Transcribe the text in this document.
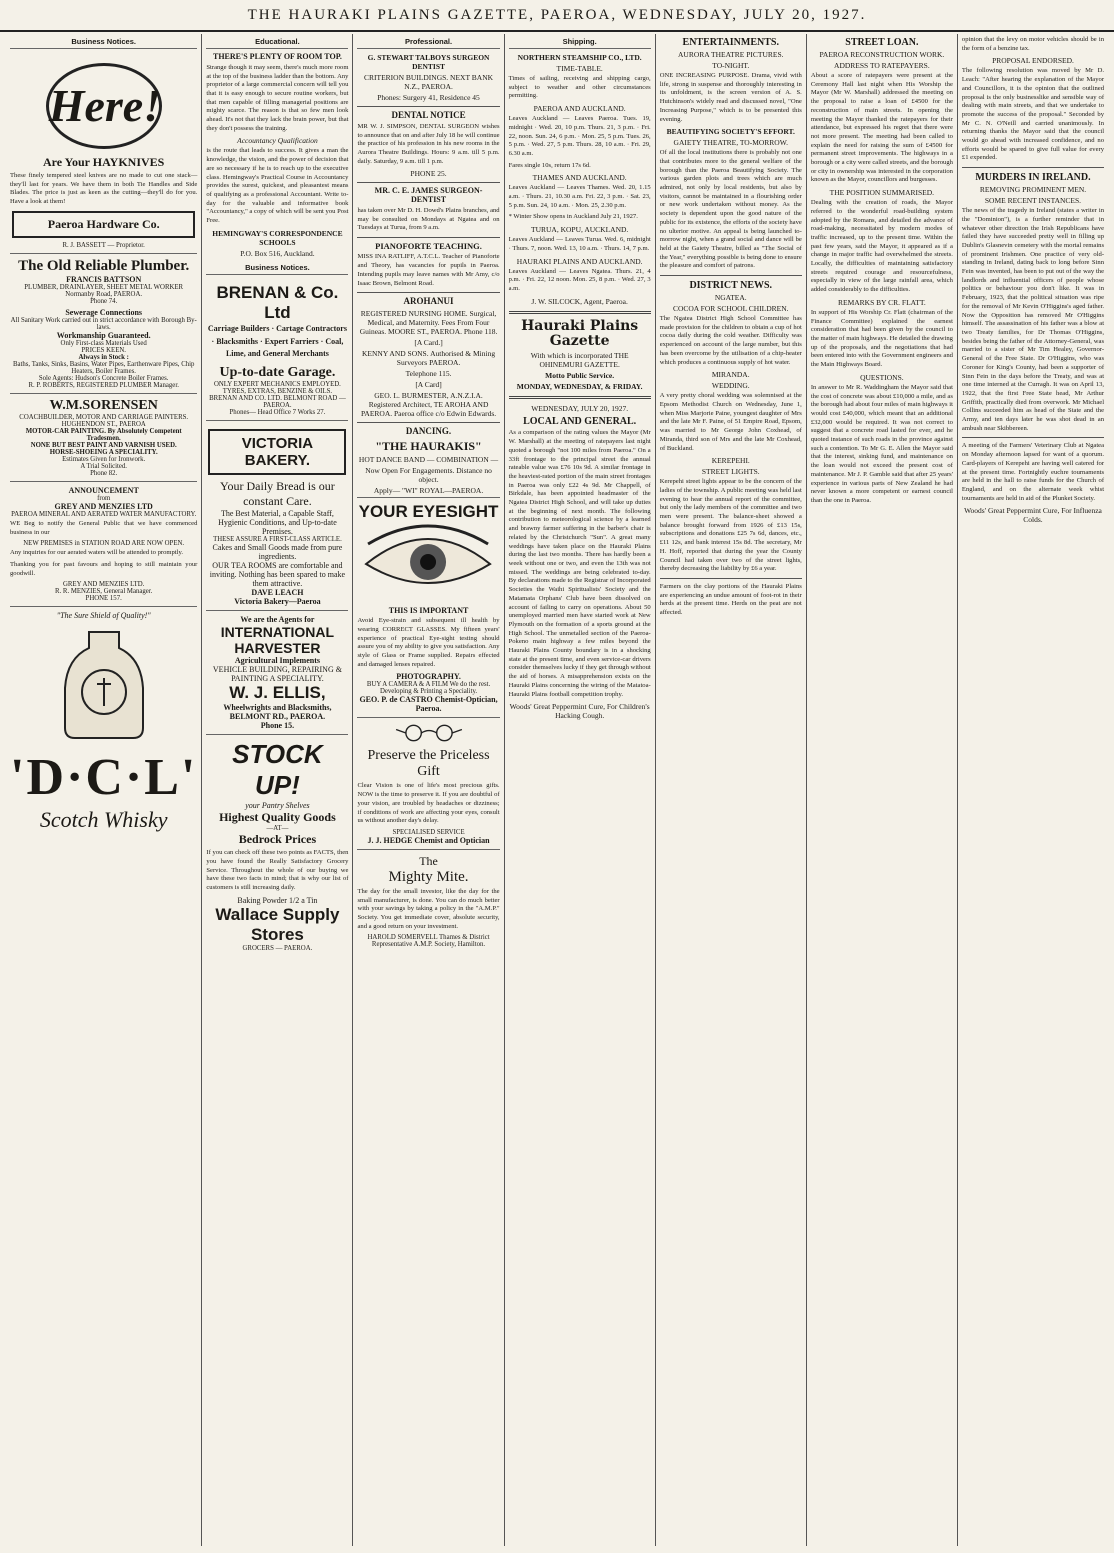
THE HAURAKI PLAINS GAZETTE, PAEROA, WEDNESDAY, JULY 20, 1927.
Business Notices.
Here!
Are Your HAYKNIVES
These finely tempered steel knives are no made to cut one stack—they'll last for years. We have them in both Tie Handles and Side Blades. The price is just as keen as the cutting—they'll do for you. Have a look at them!
Paeroa Hardware Co.
R. J. BASSETT — Proprietor.
The Old Reliable Plumber.
FRANCIS BATTSON
PLUMBER, DRAINLAYER, SHEET METAL WORKER
Normanby Road, PAEROA.
Phone 74.
Sewerage Connections
All Sanitary Work carried out in strict accordance with Borough By-laws.
Workmanship Guaranteed.
Only First-class Materials Used
PRICES KEEN.
Always in Stock :
Baths, Tanks, Sinks, Basins, Water Pipes, Earthenware Pipes, Chip Heaters, Boiler Frames.
Sole Agents: Hudson's Concrete Boiler Frames.
R. P. ROBERTS, REGISTERED PLUMBER Manager.
W.M.SORENSEN
COACHBUILDER, MOTOR AND CARRIAGE PAINTERS.
HUGHENDON ST., PAEROA
MOTOR-CAR PAINTING. By Absolutely Competent Tradesmen.
NONE BUT BEST PAINT AND VARNISH USED.
HORSE-SHOEING A SPECIALITY.
Estimates Given for Ironwork.
A Trial Solicited.
Phone 82.
ANNOUNCEMENT
from
GREY AND MENZIES LTD
PAEROA MINERAL AND AERATED WATER MANUFACTORY.
WE Beg to notify the General Public that we have commenced business in our
NEW PREMISES in STATION ROAD ARE NOW OPEN.
Any inquiries for our aerated waters will be attended to promptly.
Thanking you for past favours and hoping to still maintain your goodwill.
GREY AND MENZIES LTD.
R. R. MENZIES, General Manager.
PHONE 157.
"The Sure Shield of Quality!"
'D·C·L'
Scotch Whisky
Educational.
THERE'S PLENTY OF ROOM TOP.
Strange though it may seem, there's much more room at the top of the business ladder than the bottom. Any proprietor of a large commercial concern will tell you that it is easy enough to secure routine workers, but that men capable of filling managerial positions are mighty scarce. The reason is that so few men look ahead. It's not that they lack the brain power, but that they don't possess the training.
Accountancy Qualification
is the route that leads to success. It gives a man the knowledge, the vision, and the power of decision that are so necessary if he is to reach up to the executive class. Hemingway's Practical Course in Accountancy provides the surest, quickest, and pleasantest means of qualifying as a professional Accountant. Write to-day for the valuable and informative book "Accountancy," a copy of which will be sent you Post Free.
HEMINGWAY'S CORRESPONDENCE SCHOOLS
P.O. Box 516, Auckland.
Business Notices.
BRENAN & Co. Ltd
Carriage Builders · Cartage Contractors · Blacksmiths · Expert Farriers · Coal, Lime, and General Merchants
Up-to-date Garage.
ONLY EXPERT MECHANICS EMPLOYED.
TYRES, EXTRAS, BENZINE & OILS.
BRENAN AND CO. LTD. BELMONT ROAD — PAEROA.
Phones— Head Office 7 Works 27.
VICTORIA BAKERY.
Your Daily Bread is our constant Care.
The Best Material, a Capable Staff, Hygienic Conditions, and Up-to-date Premises.
THESE ASSURE A FIRST-CLASS ARTICLE.
Cakes and Small Goods made from pure ingredients.
OUR TEA ROOMS are comfortable and inviting. Nothing has been spared to make them attractive.
DAVE LEACH
Victoria Bakery—Paeroa
We are the Agents for
INTERNATIONAL HARVESTER
Agricultural Implements
VEHICLE BUILDING, REPAIRING & PAINTING A SPECIALITY.
W. J. ELLIS,
Wheelwrights and Blacksmiths,
BELMONT RD., PAEROA.
Phone 15.
STOCK UP!
your Pantry Shelves
Highest Quality Goods
—AT—
Bedrock Prices
If you can check off these two points as FACTS, then you have found the Really Satisfactory Grocery Service. Throughout the whole of our buying we have these two facts in mind; that is why our list of customers is still increasing daily.
Baking Powder 1/2 a Tin
Wallace Supply Stores
GROCERS — PAEROA.
Professional.
G. STEWART TALBOYS SURGEON DENTIST
CRITERION BUILDINGS. NEXT BANK N.Z., PAEROA.
Phones: Surgery 41, Residence 45
DENTAL NOTICE
MR W. J. SIMPSON, DENTAL SURGEON wishes to announce that on and after July 18 he will continue the practice of his profession in his new rooms in the Aurora Theatre Buildings. Hours: 9 a.m. till 5 p.m. daily. Saturday, 9 a.m. till 1 p.m.
PHONE 25.
MR. C. E. JAMES SURGEON-DENTIST
has taken over Mr D. H. Dowd's Plains branches, and may be consulted on Mondays at Ngatea and on Tuesdays at Turua, from 9 a.m.
PIANOFORTE TEACHING.
MISS INA RATLIFF, A.T.C.L. Teacher of Pianoforte and Theory, has vacancies for pupils in Paeroa. Intending pupils may leave names with Mr Amy, c/o Isaac Brown, Belmont Road.
AROHANUI
REGISTERED NURSING HOME. Surgical, Medical, and Maternity. Fees From Four Guineas. MOORE ST., PAEROA. Phone 118.
[A Card.]
KENNY AND SONS. Authorised & Mining Surveyors PAEROA.
Telephone 115.
[A Card]
GEO. L. BURMESTER, A.N.Z.I.A. Registered Architect, TE AROHA AND PAEROA. Paeroa office c/o Edwin Edwards.
DANCING.
"THE HAURAKIS"
HOT DANCE BAND — COMBINATION —
Now Open For Engagements. Distance no object.
Apply— "WI" ROYAL—PAEROA.
YOUR EYESIGHT
THIS IS IMPORTANT
Avoid Eye-strain and subsequent ill health by wearing CORRECT GLASSES. My fifteen years' experience of practical Eye-sight testing should assure you of my ability to give you satisfaction. Any style of Glass or Frame supplied. Repairs effected and damaged lenses repaired.
PHOTOGRAPHY.
BUY A CAMERA & A FILM We do the rest. Developing & Printing a Speciality.
GEO. P. de CASTRO Chemist-Optician, Paeroa.
Preserve the Priceless Gift
Clear Vision is one of life's most precious gifts. NOW is the time to preserve it. If you are doubtful of your vision, are troubled by headaches or dizziness; if conditions of work are affecting your eyes, consult us without another day's delay.
SPECIALISED SERVICE
J. J. HEDGE Chemist and Optician
The
Mighty Mite.
The day for the small investor, like the day for the small manufacturer, is done. You can do much better with your savings by taking a policy in the "A.M.P." Society. You get immediate cover, absolute security, and a good return on your investment.
HAROLD SOMERVELL Thames & District Representative A.M.P. Society, Hamilton.
Shipping.
NORTHERN STEAMSHIP CO., LTD.
TIME-TABLE.
Times of sailing, receiving and shipping cargo, subject to weather and other circumstances permitting.
PAEROA AND AUCKLAND.
Leaves Auckland — Leaves Paeroa. Tues. 19, midnight · Wed. 20, 10 p.m. Thurs. 21, 3 p.m. · Fri. 22, noon. Sun. 24, 6 p.m. · Mon. 25, 5 p.m. Tues. 26, 5 p.m. · Wed. 27, 5 p.m. Thurs. 28, 10 a.m. · Fri. 29, 6.30 a.m.
Fares single 10s, return 17s 6d.
THAMES AND AUCKLAND.
Leaves Auckland — Leaves Thames. Wed. 20, 1.15 a.m. · Thurs. 21, 10.30 a.m. Fri. 22, 3 p.m. · Sat. 23, 5 p.m. Sun. 24, 10 a.m. · Mon. 25, 2.30 p.m.
* Winter Show opens in Auckland July 21, 1927.
TURUA, KOPU, AUCKLAND.
Leaves Auckland — Leaves Turua. Wed. 6, midnight · Thurs. 7, noon. Wed. 13, 10 a.m. · Thurs. 14, 7 p.m.
HAURAKI PLAINS AND AUCKLAND.
Leaves Auckland — Leaves Ngatea. Thurs. 21, 4 p.m. · Fri. 22, 12 noon. Mon. 25, 8 p.m. · Wed. 27, 3 a.m.
J. W. SILCOCK, Agent, Paeroa.
Hauraki Plains Gazette
With which is incorporated THE OHINEMURI GAZETTE.
Motto Public Service.
MONDAY, WEDNESDAY, & FRIDAY.
WEDNESDAY, JULY 20, 1927.
LOCAL AND GENERAL.
As a comparison of the rating values the Mayor (Mr W. Marshall) at the meeting of ratepayers last night quoted a borough "not 100 miles from Paeroa." On a 33ft frontage to the principal street the annual rateable value was £76 10s 9d. A similar frontage in the heaviest-rated portion of the main street frontages in Paeroa was only £22 4s 9d. Mr Chappell, of Birkdale, has been appointed headmaster of the Ngatea District High School, and will take up duties at the beginning of next month. The following contribution to meteorological science by a learned and brawny farmer suffering in the barber's chair is related by the Christchurch "Sun". A great many weddings have taken place on the Hauraki Plains during the last two months. There has hardly been a week without one or two, and even the 13th was not missed. The weddings are being celebrated to-day. By declarations made to the Registrar of Incorporated Societies the Waihi Spiritualists' Society and the Matamata Orphans' Club have been dissolved on account of failing to carry on operations. About 50 unemployed married men have started work at New Plymouth on the formation of a sports ground at the High School. The unmetalled section of the Paeroa-Pokeno main highway a few miles beyond the Hauraki Plains County boundary is in a shocking state at the present time, and even service-car drivers consider themselves lucky if they get through without the aid of horses. A misapprehension exists on the Hauraki Plains concerning the wiring of the Matatoa-Hauraki Plains football competition trophy.
Woods' Great Peppermint Cure, For Children's Hacking Cough.
ENTERTAINMENTS.
AURORA THEATRE PICTURES.
TO-NIGHT.
ONE INCREASING PURPOSE. Drama, vivid with life, strong in suspense and thoroughly interesting in its unfoldment, is the screen version of A. S. Hutchinson's widely read and discussed novel, "One Increasing Purpose," which is to be presented this evening.
BEAUTIFYING SOCIETY'S EFFORT.
GAIETY THEATRE, TO-MORROW.
Of all the local institutions there is probably not one that contributes more to the general welfare of the borough than the Paeroa Beautifying Society. The various garden plots and trees which are much admired, not only by local residents, but also by visitors, cannot be maintained in a flourishing order or new work undertaken without money. As the society is dependent upon the good nature of the public for its existence, the efforts of the society have no ulterior motive. An appeal is being launched to-morrow night, when a grand social and dance will be held at the Gaiety Theatre, billed as "The Social of the Year," everything possible is being done to ensure the pleasure and comfort of patrons.
DISTRICT NEWS.
NGATEA.
COCOA FOR SCHOOL CHILDREN.
The Ngatea District High School Committee has made provision for the children to obtain a cup of hot cocoa daily during the cold weather. Difficulty was experienced on account of the large number, but this has been overcome by the utilisation of a chip-heater which produces a continuous supply of hot water.
MIRANDA.
WEDDING.
A very pretty choral wedding was solemnised at the Epsom Methodist Church on Wednesday, June 1, when Miss Marjorie Paine, youngest daughter of Mrs and the late Mr F. Paine, of 51 Empire Road, Epsom, was married to Mr George John Coxhead, of Miranda, third son of Mrs and the late Mr Coxhead, of Buckland.
KEREPEHI.
STREET LIGHTS.
Kerepehi street lights appear to be the concern of the ladies of the township. A public meeting was held last evening to hear the annual report of the committee, but only the lady members of the committee and two men were present. The balance-sheet showed a balance brought forward from 1926 of £13 15s, subscriptions and donations £25 7s 6d, dances, etc., £11 12s, and bank interest 15s 8d. The secretary, Mr H. Hoff, reported that during the year the County Council had taken over two of the street lights, thereby decreasing the liability by £6 a year.
Farmers on the clay portions of the Hauraki Plains are experiencing an undue amount of foot-rot in their herds at the present time. Herds on the peat are not affected.
STREET LOAN.
PAEROA RECONSTRUCTION WORK.
ADDRESS TO RATEPAYERS.
About a score of ratepayers were present at the Ceremony Hall last night when His Worship the Mayor (Mr W. Marshall) addressed the meeting on the proposal to raise a loan of £4500 for the reconstruction of main streets. In opening the meeting the Mayor thanked the ratepayers for their attendance, but expressed his regret that there were not more present. The meeting had been called to explain the need for raising the sum of £4500 for permanent street improvements. The highways in a borough or a city were called streets, and the borough or city in ownership was interested in the corporation known as the Mayor, councillors and burgesses.
THE POSITION SUMMARISED.
Dealing with the creation of roads, the Mayor referred to the wonderful road-building system adopted by the Romans, and detailed the advance of road-making, necessitated by modern modes of traffic increased, up to the present time. Within the past few years, said the Mayor, it appeared as if a change in major traffic had overwhelmed the streets. Locally, the difficulties of maintaining satisfactory streets required courage and resourcefulness, especially in view of the large rainfall area, which added considerably to the difficulties.
REMARKS BY CR. FLATT.
In support of His Worship Cr. Flatt (chairman of the Finance Committee) explained the earnest consideration that had been given by the council to the matter of main highways. He detailed the drawing up of the proposals, and the negotiations that had been entered into with the Government engineers and the Main Highways Board.
QUESTIONS.
In answer to Mr R. Waddingham the Mayor said that the cost of concrete was about £10,000 a mile, and as the borough had about four miles of main highways it would cost £40,000, which meant that an additional £32,000 would be required. It was not correct to suggest that a concrete road lasted for ever, and he quoted instance of such roads in the province against such a contention. To Mr G. E. Allen the Mayor said that the interest, sinking fund, and maintenance on the loan would not exceed the present cost of maintenance. Mr J. P. Gamble said that after 25 years' experience in various parts of New Zealand he had never known a more competent or earnest council than the one in Paeroa.
opinion that the levy on motor vehicles should be in the form of a benzine tax.
PROPOSAL ENDORSED.
The following resolution was moved by Mr D. Leach: "After hearing the explanation of the Mayor and Councillors, it is the opinion that the outlined proposal is the only businesslike and sensible way of dealing with main streets, and that we undertake to promote the success of the proposal." Seconded by Mr C. N. O'Neill and carried unanimously. In returning thanks the Mayor said that the council would go ahead with increased confidence, and no efforts would be spared to give full value for every £1 expended.
MURDERS IN IRELAND.
REMOVING PROMINENT MEN.
SOME RECENT INSTANCES.
The news of the tragedy in Ireland (states a writer in the "Dominion"), is a further reminder that in whatever other direction the Irish Republicans have failed they have succeeded pretty well in filling up Dublin's Glasnevin cemetery with the mortal remains of prominent Irishmen. One practice of very old-standing in Ireland, dating back to long before Sinn Fein was invented, has been to put out of the way the landlords and influential officers of people whose politics or behaviour you don't like. It was in February, 1923, that the political situation was ripe for the removal of Mr Kevin O'Higgins's aged father. Now the Opposition has removed Mr O'Higgins himself. The assassination of his father was a blow at two Treaty families, for Dr Thomas O'Higgins, besides being the father of the Attorney-General, was married to a sister of Mr Tim Healey, Governor-General of the Free State. Dr O'Higgins, who was Coroner for King's County, had been a supporter of Sinn Fein in the days before the Treaty, and was at one time interned at the Curragh. It was on April 13, 1922, that the first Free State head, Mr Arthur Griffith, practically died from overwork. Mr Michael Collins succeeded him as head of the State and the Army, and ten days later he was shot dead in an ambush near Skibbereen.
A meeting of the Farmers' Veterinary Club at Ngatea on Monday afternoon lapsed for want of a quorum. Card-players of Kerepehi are having well catered for at the present time. Fortnightly euchre tournaments are held in the hall to raise funds for the Church of England, and on the alternate week whist tournaments are held in aid of the Plunket Society.
Woods' Great Peppermint Cure, For Influenza Colds.
